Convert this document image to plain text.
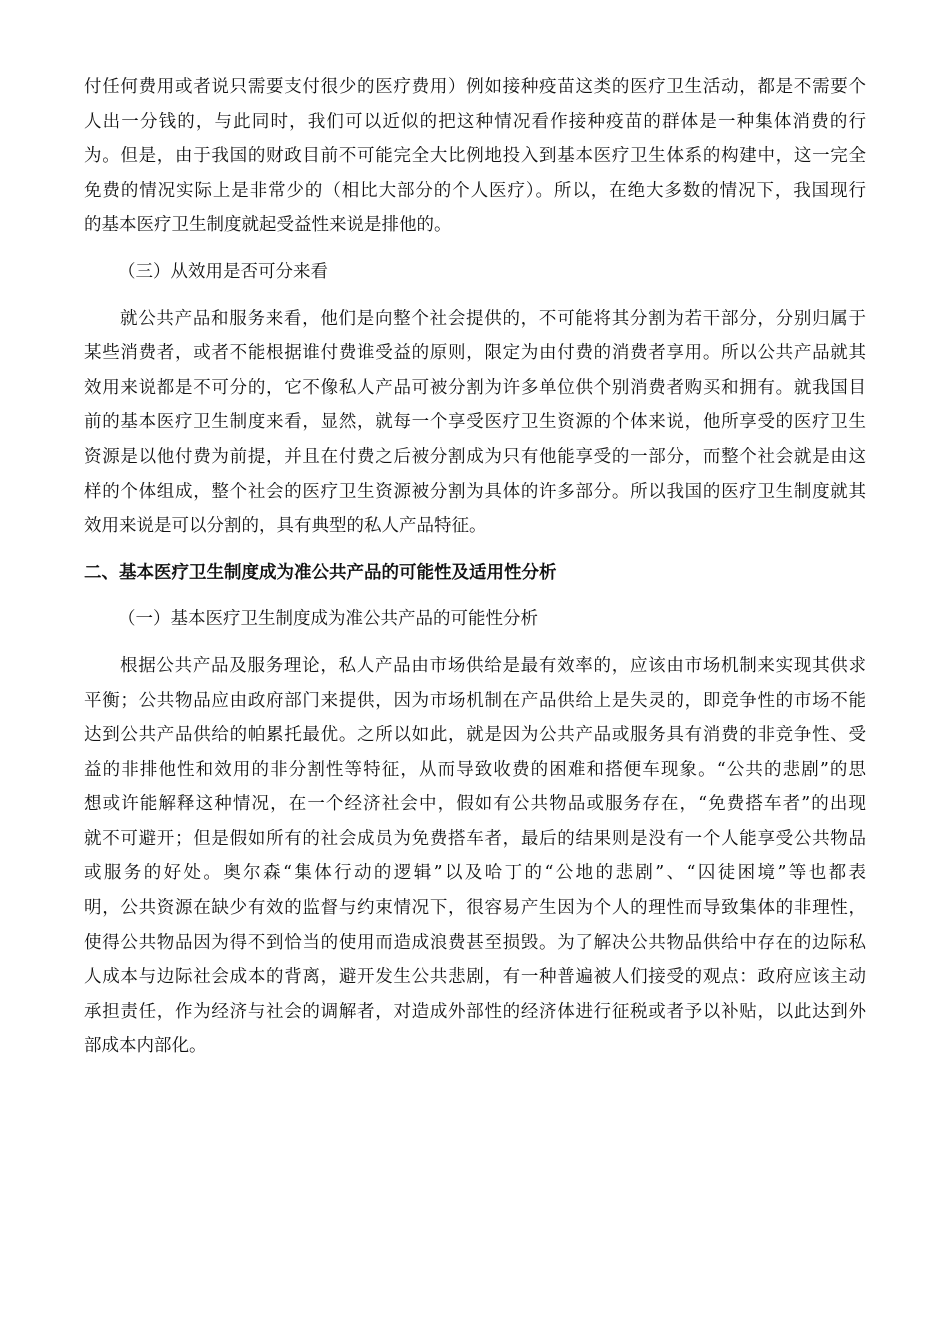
付任何费用或者说只需要支付很少的医疗费用）例如接种疫苗这类的医疗卫生活动，都是不需要个
人出一分钱的，与此同时，我们可以近似的把这种情况看作接种疫苗的群体是一种集体消费的行
为。但是，由于我国的财政目前不可能完全大比例地投入到基本医疗卫生体系的构建中，这一完全
免费的情况实际上是非常少的（相比大部分的个人医疗）。所以，在绝大多数的情况下，我国现行
的基本医疗卫生制度就起受益性来说是排他的。

（三）从效用是否可分来看

就公共产品和服务来看，他们是向整个社会提供的，不可能将其分割为若干部分，分别归属于
某些消费者，或者不能根据谁付费谁受益的原则，限定为由付费的消费者享用。所以公共产品就其
效用来说都是不可分的，它不像私人产品可被分割为许多单位供个别消费者购买和拥有。就我国目
前的基本医疗卫生制度来看，显然，就每一个享受医疗卫生资源的个体来说，他所享受的医疗卫生
资源是以他付费为前提，并且在付费之后被分割成为只有他能享受的一部分，而整个社会就是由这
样的个体组成，整个社会的医疗卫生资源被分割为具体的许多部分。所以我国的医疗卫生制度就其
效用来说是可以分割的，具有典型的私人产品特征。

二、基本医疗卫生制度成为准公共产品的可能性及适用性分析

（一）基本医疗卫生制度成为准公共产品的可能性分析

根据公共产品及服务理论，私人产品由市场供给是最有效率的，应该由市场机制来实现其供求
平衡；公共物品应由政府部门来提供，因为市场机制在产品供给上是失灵的，即竞争性的市场不能
达到公共产品供给的帕累托最优。之所以如此，就是因为公共产品或服务具有消费的非竞争性、受
益的非排他性和效用的非分割性等特征，从而导致收费的困难和搭便车现象。“公共的悲剧”的思
想或许能解释这种情况，在一个经济社会中，假如有公共物品或服务存在，“免费搭车者”的出现
就不可避开；但是假如所有的社会成员为免费搭车者，最后的结果则是没有一个人能享受公共物品
或服务的好处。奥尔森“集体行动的逻辑”以及哈丁的“公地的悲剧”、“囚徒困境”等也都表
明，公共资源在缺少有效的监督与约束情况下，很容易产生因为个人的理性而导致集体的非理性，
使得公共物品因为得不到恰当的使用而造成浪费甚至损毁。为了解决公共物品供给中存在的边际私
人成本与边际社会成本的背离，避开发生公共悲剧，有一种普遍被人们接受的观点：政府应该主动
承担责任，作为经济与社会的调解者，对造成外部性的经济体进行征税或者予以补贴，以此达到外
部成本内部化。
